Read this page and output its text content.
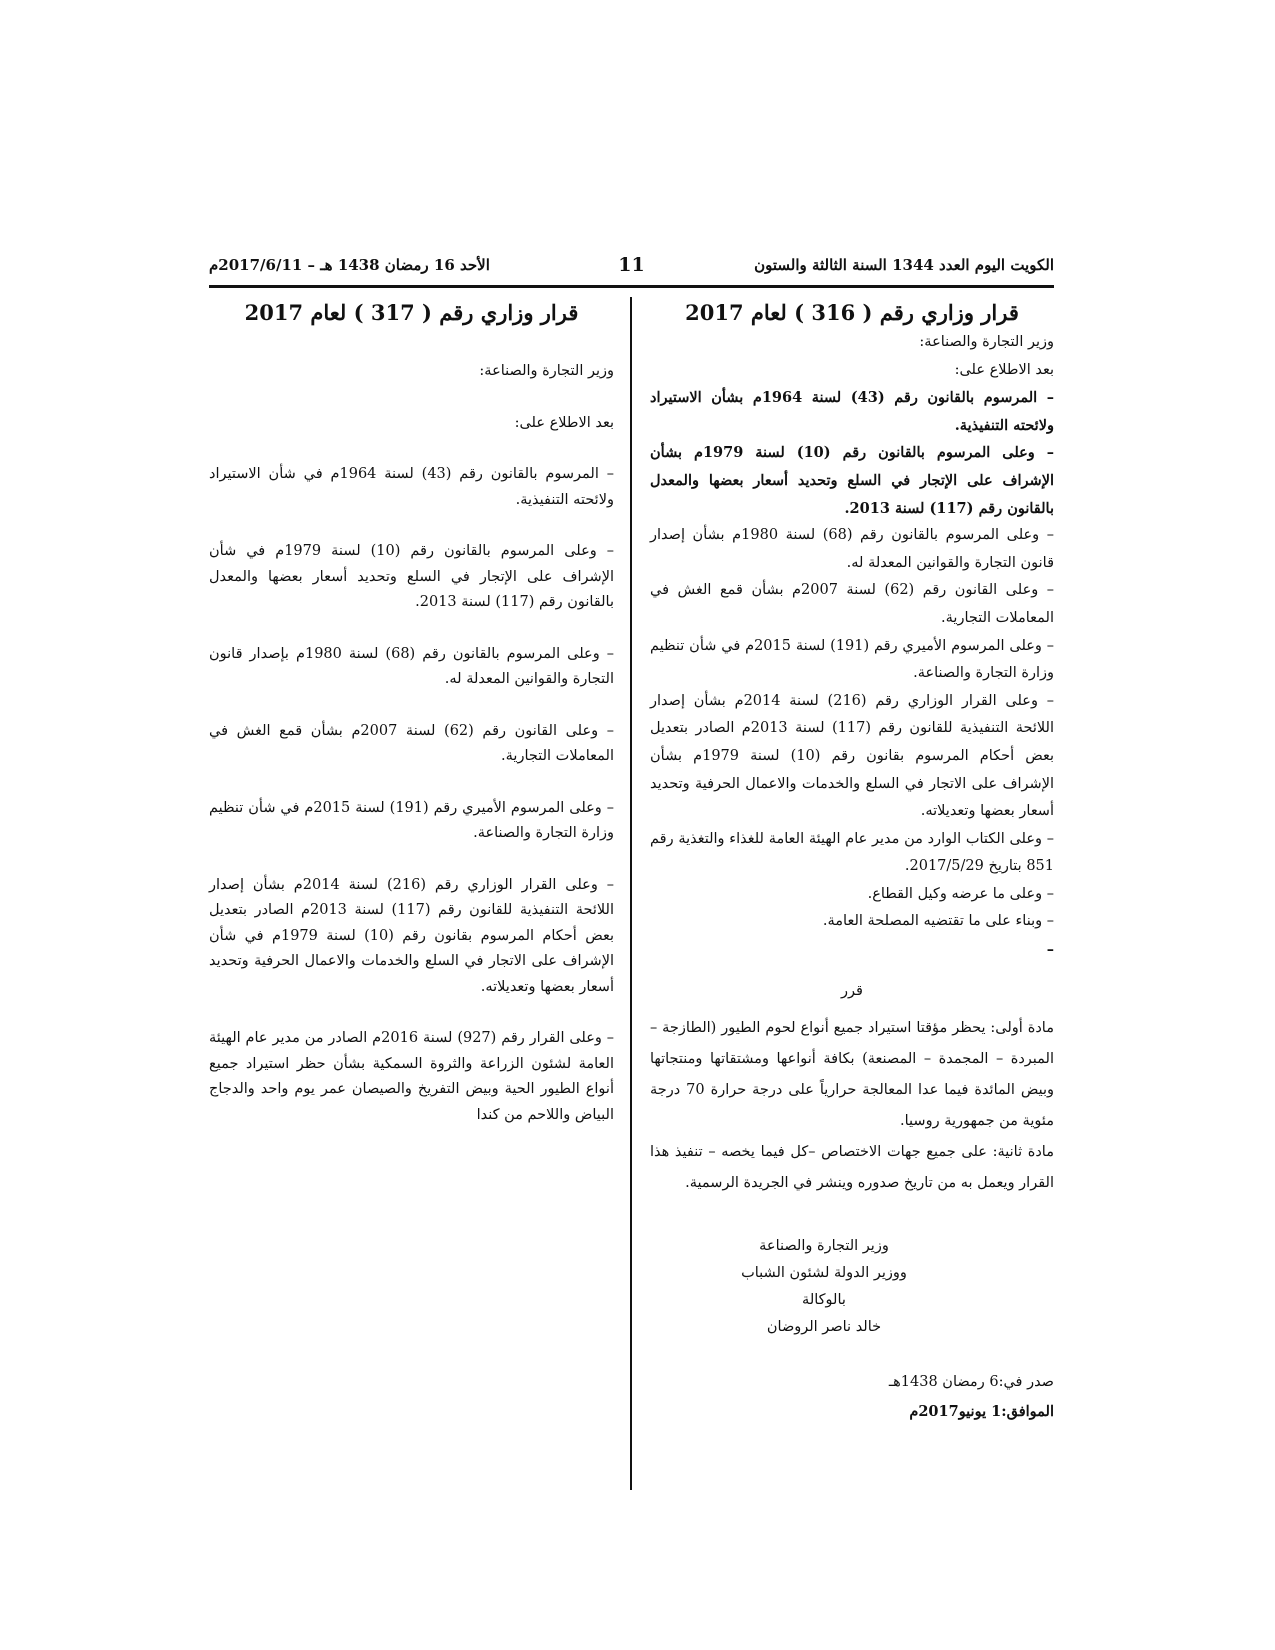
الكويت اليوم العدد 1344 السنة الثالثة والستون
11
الأحد 16 رمضان 1438 هـ – 2017/6/11م
قرار وزاري رقم ( 316 ) لعام 2017

وزير التجارة والصناعة:

بعد الاطلاع على:

– المرسوم بالقانون رقم (43) لسنة 1964م بشأن الاستيراد ولائحته التنفيذية.

– وعلى المرسوم بالقانون رقم (10) لسنة 1979م بشأن الإشراف على الإتجار في السلع وتحديد أسعار بعضها والمعدل بالقانون رقم (117) لسنة 2013.

– وعلى المرسوم بالقانون رقم (68) لسنة 1980م بشأن إصدار قانون التجارة والقوانين المعدلة له.

– وعلى القانون رقم (62) لسنة 2007م بشأن قمع الغش في المعاملات التجارية.

– وعلى المرسوم الأميري رقم (191) لسنة 2015م في شأن تنظيم وزارة التجارة والصناعة.

– وعلى القرار الوزاري رقم (216) لسنة 2014م بشأن إصدار اللائحة التنفيذية للقانون رقم (117) لسنة 2013م الصادر بتعديل بعض أحكام المرسوم بقانون رقم (10) لسنة 1979م بشأن الإشراف على الاتجار في السلع والخدمات والاعمال الحرفية وتحديد أسعار بعضها وتعديلاته.

– وعلى الكتاب الوارد من مدير عام الهيئة العامة للغذاء والتغذية رقم 851 بتاريخ 2017/5/29.

– وعلى ما عرضه وكيل القطاع.

– وبناء على ما تقتضيه المصلحة العامة.

–

قرر

مادة أولى: يحظر مؤقتا استيراد جميع أنواع لحوم الطيور (الطازجة – المبردة – المجمدة – المصنعة) بكافة أنواعها ومشتقاتها ومنتجاتها وبيض المائدة فيما عدا المعالجة حرارياً على درجة حرارة 70 درجة مئوية من جمهورية روسيا.

مادة ثانية: على جميع جهات الاختصاص –كل فيما يخصه – تنفيذ هذا القرار ويعمل به من تاريخ صدوره وينشر في الجريدة الرسمية.

وزير التجارة والصناعة

ووزير الدولة لشئون الشباب بالوكالة

خالد ناصر الروضان

صدر في:6 رمضان 1438هـ

الموافق:1 يونيو2017م

قرار وزاري رقم ( 317 ) لعام 2017

وزير التجارة والصناعة:

بعد الاطلاع على:

– المرسوم بالقانون رقم (43) لسنة 1964م في شأن الاستيراد ولائحته التنفيذية.

– وعلى المرسوم بالقانون رقم (10) لسنة 1979م في شأن الإشراف على الإتجار في السلع وتحديد أسعار بعضها والمعدل بالقانون رقم (117) لسنة 2013.

– وعلى المرسوم بالقانون رقم (68) لسنة 1980م بإصدار قانون التجارة والقوانين المعدلة له.

– وعلى القانون رقم (62) لسنة 2007م بشأن قمع الغش في المعاملات التجارية.

– وعلى المرسوم الأميري رقم (191) لسنة 2015م في شأن تنظيم وزارة التجارة والصناعة.

– وعلى القرار الوزاري رقم (216) لسنة 2014م بشأن إصدار اللائحة التنفيذية للقانون رقم (117) لسنة 2013م الصادر بتعديل بعض أحكام المرسوم بقانون رقم (10) لسنة 1979م في شأن الإشراف على الاتجار في السلع والخدمات والاعمال الحرفية وتحديد أسعار بعضها وتعديلاته.

– وعلى القرار رقم (927) لسنة 2016م الصادر من مدير عام الهيئة العامة لشئون الزراعة والثروة السمكية بشأن حظر استيراد جميع أنواع الطيور الحية وبيض التفريخ والصيصان عمر يوم واحد والدجاج البياض واللاحم من كندا
